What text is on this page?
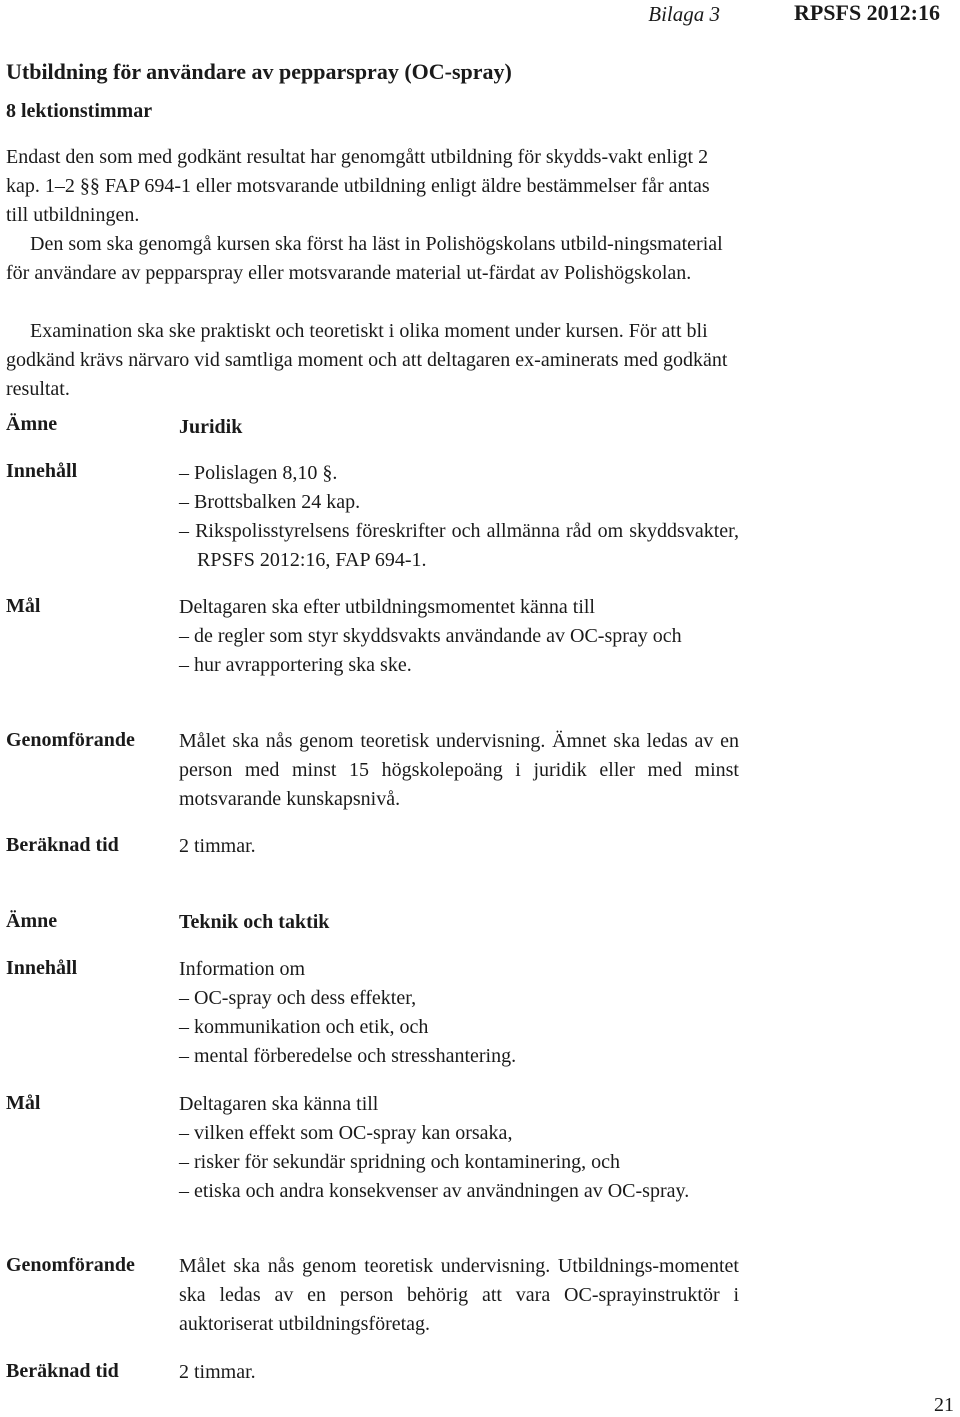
Bilaga 3	RPSFS 2012:16
Utbildning för användare av pepparspray (OC-spray)
8 lektionstimmar

Endast den som med godkänt resultat har genomgått utbildning för skydds-vakt enligt 2 kap. 1–2 §§ FAP 694-1 eller motsvarande utbildning enligt äldre bestämmelser får antas till utbildningen.

Den som ska genomgå kursen ska först ha läst in Polishögskolans utbild-ningsmaterial för användare av pepparspray eller motsvarande material ut-färdat av Polishögskolan.

Examination ska ske praktiskt och teoretiskt i olika moment under kursen. För att bli godkänd krävs närvaro vid samtliga moment och att deltagaren ex-aminerats med godkänt resultat.

Ämne	Juridik
Innehåll	– Polislagen 8,10 §.

– Brottsbalken 24 kap.

– Rikspolisstyrelsens föreskrifter och allmänna råd om skyddsvakter, RPSFS 2012:16, FAP 694-1.

Mål	Deltagaren ska efter utbildningsmomentet känna till

– de regler som styr skyddsvakts användande av OC-spray och

– hur avrapportering ska ske.

Genomförande Målet ska nås genom teoretisk undervisning. Ämnet ska ledas av en person med minst 15 högskolepoäng i juridik eller med minst motsvarande kunskapsnivå.

Beräknad tid	2 timmar.
Ämne	Teknik och taktik
Innehåll	Information om

– OC-spray och dess effekter,

– kommunikation och etik, och

– mental förberedelse och stresshantering.

Mål	Deltagaren ska känna till

– vilken effekt som OC-spray kan orsaka,

– risker för sekundär spridning och kontaminering, och

– etiska och andra konsekvenser av användningen av OC-spray.

Genomförande Målet ska nås genom teoretisk undervisning. Utbildnings-momentet ska ledas av en person behörig att vara OC-sprayinstruktör i auktoriserat utbildningsföretag.

Beräknad tid	2 timmar.
21
